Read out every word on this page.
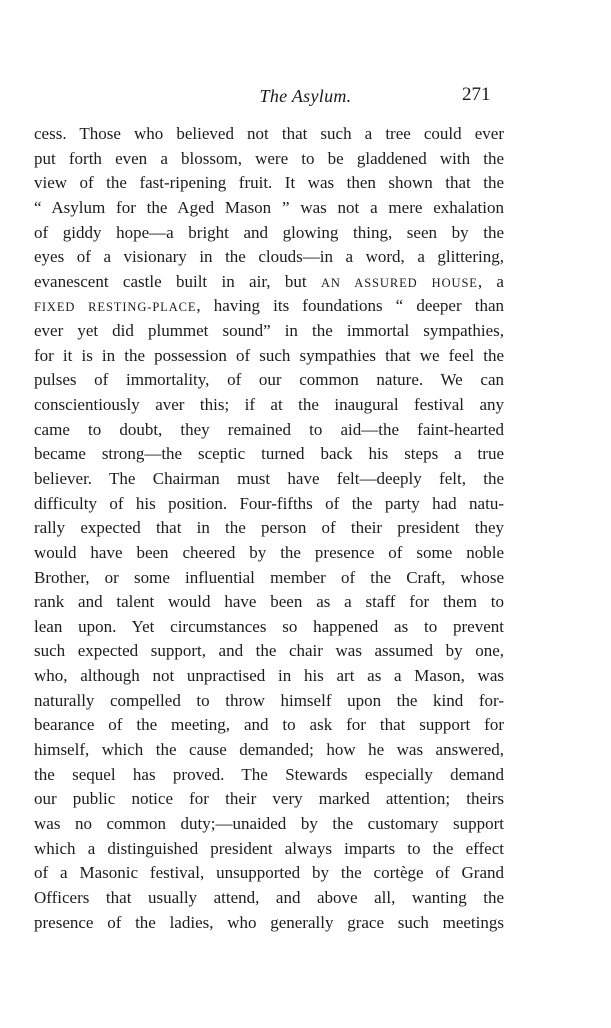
The Asylum.	271
cess. Those who believed not that such a tree could ever
put forth even a blossom, were to be gladdened with the
view of the fast-ripening fruit. It was then shown that the
“ Asylum for the Aged Mason ” was not a mere exhalation
of giddy hope—a bright and glowing thing, seen by the
eyes of a visionary in the clouds—in a word, a glittering,
evanescent castle built in air, but AN ASSURED HOUSE, a
FIXED RESTING-PLACE, having its foundations “ deeper than
ever yet did plummet sound” in the immortal sympathies,
for it is in the possession of such sympathies that we feel the
pulses of immortality, of our common nature. We can
conscientiously aver this; if at the inaugural festival any
came to doubt, they remained to aid—the faint-hearted
became strong—the sceptic turned back his steps a true
believer. The Chairman must have felt—deeply felt, the
difficulty of his position. Four-fifths of the party had natu-
rally expected that in the person of their president they
would have been cheered by the presence of some noble
Brother, or some influential member of the Craft, whose
rank and talent would have been as a staff for them to
lean upon. Yet circumstances so happened as to prevent
such expected support, and the chair was assumed by one,
who, although not unpractised in his art as a Mason, was
naturally compelled to throw himself upon the kind for-
bearance of the meeting, and to ask for that support for
himself, which the cause demanded; how he was answered,
the sequel has proved. The Stewards especially demand
our public notice for their very marked attention; theirs
was no common duty;—unaided by the customary support
which a distinguished president always imparts to the effect
of a Masonic festival, unsupported by the cortège of Grand
Officers that usually attend, and above all, wanting the
presence of the ladies, who generally grace such meetings
